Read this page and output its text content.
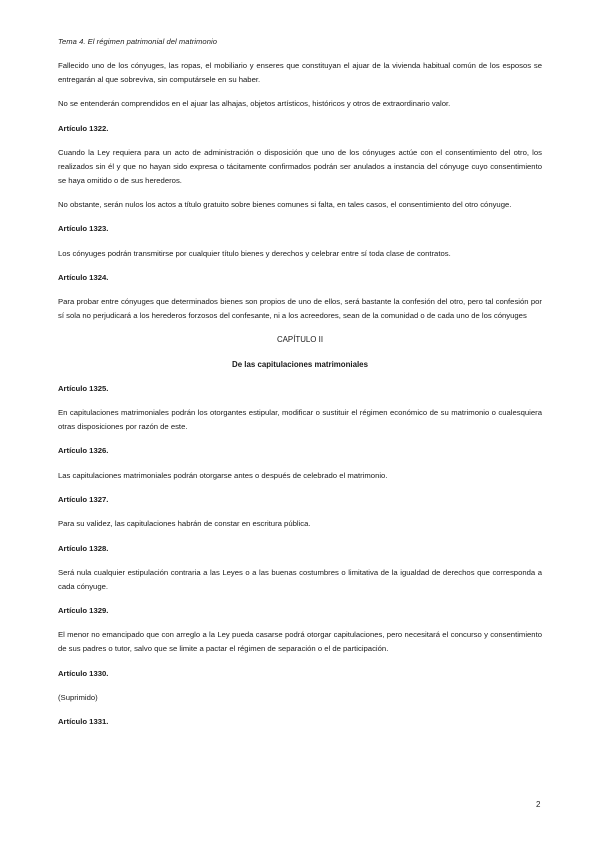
Tema 4. El régimen patrimonial del matrimonio

Fallecido uno de los cónyuges, las ropas, el mobiliario y enseres que constituyan el ajuar de la vivienda habitual común de los esposos se entregarán al que sobreviva, sin computársele en su haber.

No se entenderán comprendidos en el ajuar las alhajas, objetos artísticos, históricos y otros de extraordinario valor.

Artículo 1322.

Cuando la Ley requiera para un acto de administración o disposición que uno de los cónyuges actúe con el consentimiento del otro, los realizados sin él y que no hayan sido expresa o tácitamente confirmados podrán ser anulados a instancia del cónyuge cuyo consentimiento se haya omitido o de sus herederos.

No obstante, serán nulos los actos a título gratuito sobre bienes comunes si falta, en tales casos, el consentimiento del otro cónyuge.

Artículo 1323.

Los cónyuges podrán transmitirse por cualquier título bienes y derechos y celebrar entre sí toda clase de contratos.

Artículo 1324.

Para probar entre cónyuges que determinados bienes son propios de uno de ellos, será bastante la confesión del otro, pero tal confesión por sí sola no perjudicará a los herederos forzosos del confesante, ni a los acreedores, sean de la comunidad o de cada uno de los cónyuges

CAPÍTULO II

De las capitulaciones matrimoniales

Artículo 1325.

En capitulaciones matrimoniales podrán los otorgantes estipular, modificar o sustituir el régimen económico de su matrimonio o cualesquiera otras disposiciones por razón de este.

Artículo 1326.

Las capitulaciones matrimoniales podrán otorgarse antes o después de celebrado el matrimonio.

Artículo 1327.

Para su validez, las capitulaciones habrán de constar en escritura pública.

Artículo 1328.

Será nula cualquier estipulación contraria a las Leyes o a las buenas costumbres o limitativa de la igualdad de derechos que corresponda a cada cónyuge.

Artículo 1329.

El menor no emancipado que con arreglo a la Ley pueda casarse podrá otorgar capitulaciones, pero necesitará el concurso y consentimiento de sus padres o tutor, salvo que se limite a pactar el régimen de separación o el de participación.

Artículo 1330.

(Suprimido)

Artículo 1331.

2
